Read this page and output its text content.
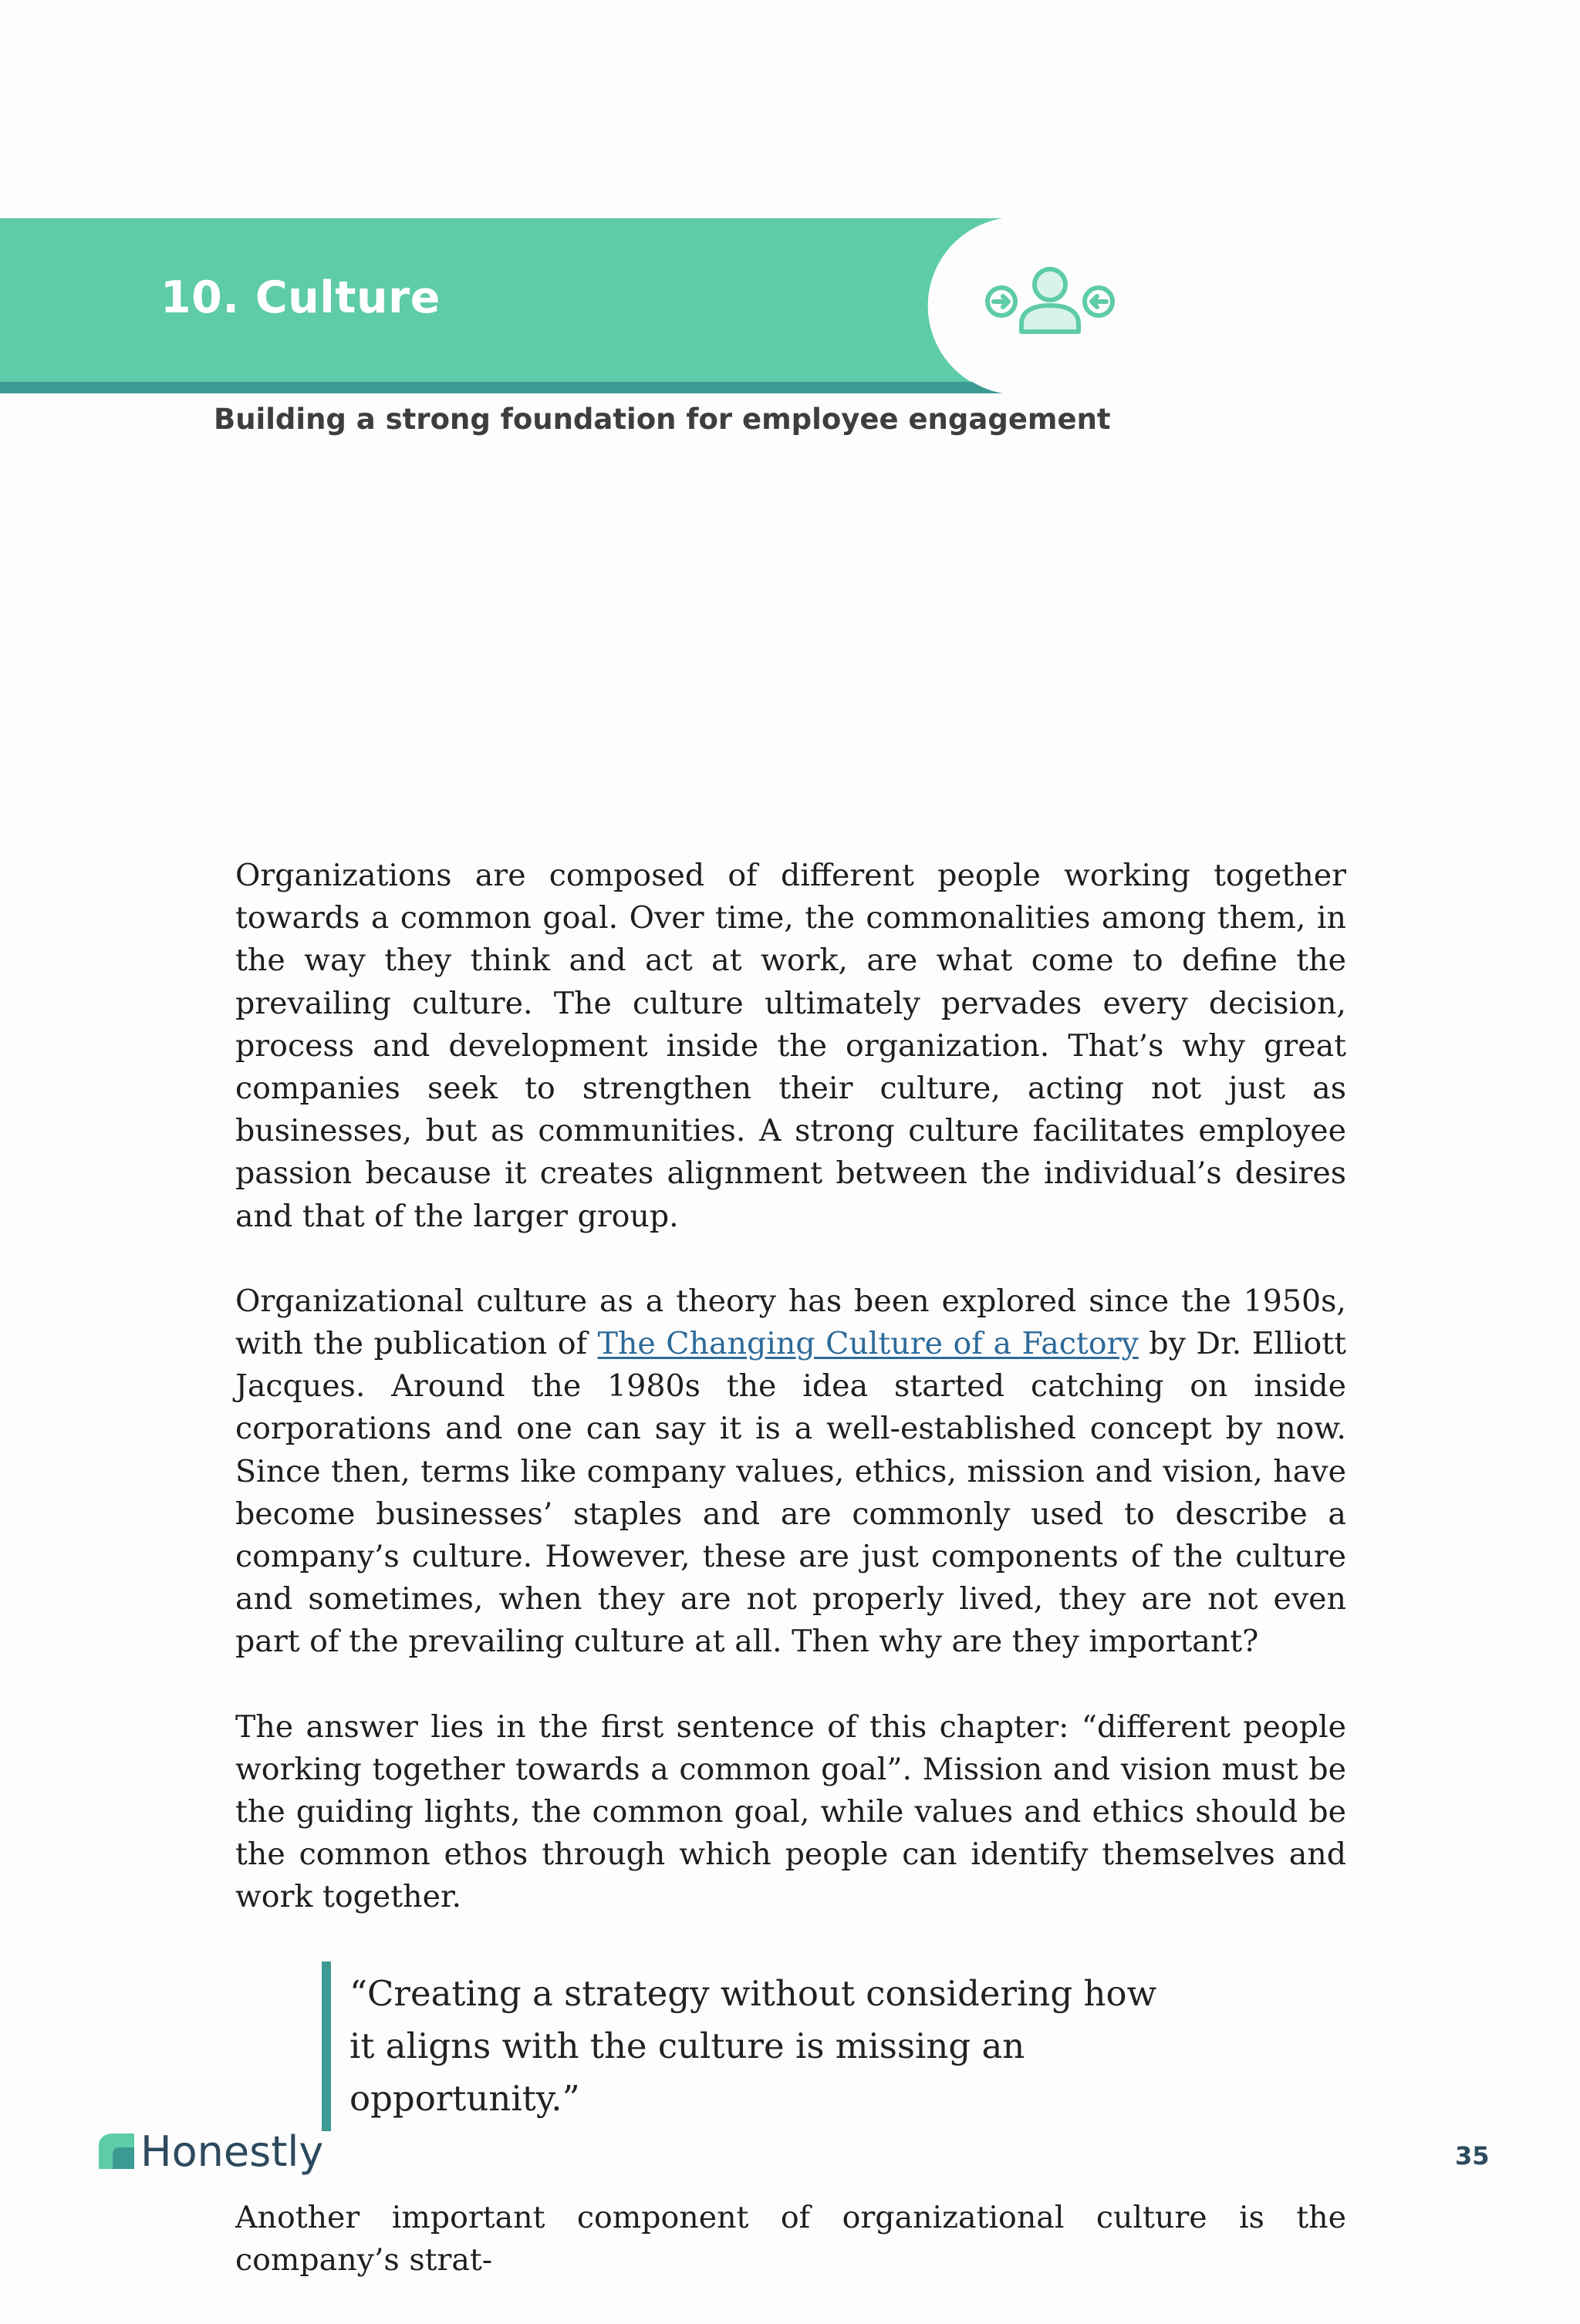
10. Culture
Building a strong foundation for employee engagement

Organizations are composed of different people working together towards a common goal. Over time, the commonalities among them, in the way they think and act at work, are what come to define the prevailing culture. The culture ultimately pervades every decision, process and development inside the organization. That’s why great companies seek to strengthen their culture, acting not just as businesses, but as communities. A strong culture facilitates employee passion because it creates alignment between the individual’s desires and that of the larger group.

Organizational culture as a theory has been explored since the 1950s, with the publication of The Changing Culture of a Factory by Dr. Elliott Jacques. Around the 1980s the idea started catching on inside corporations and one can say it is a well-established concept by now. Since then, terms like company values, ethics, mission and vision, have become businesses’ staples and are commonly used to describe a company’s culture. However, these are just components of the culture and sometimes, when they are not properly lived, they are not even part of the prevailing culture at all. Then why are they important?

The answer lies in the first sentence of this chapter: “different people working together towards a common goal”. Mission and vision must be the guiding lights, the common goal, while values and ethics should be the common ethos through which people can identify themselves and work together.

“Creating a strategy without considering how it aligns with the culture is missing an opportunity.”

Another important component of organizational culture is the company’s strat-

Honestly	35
